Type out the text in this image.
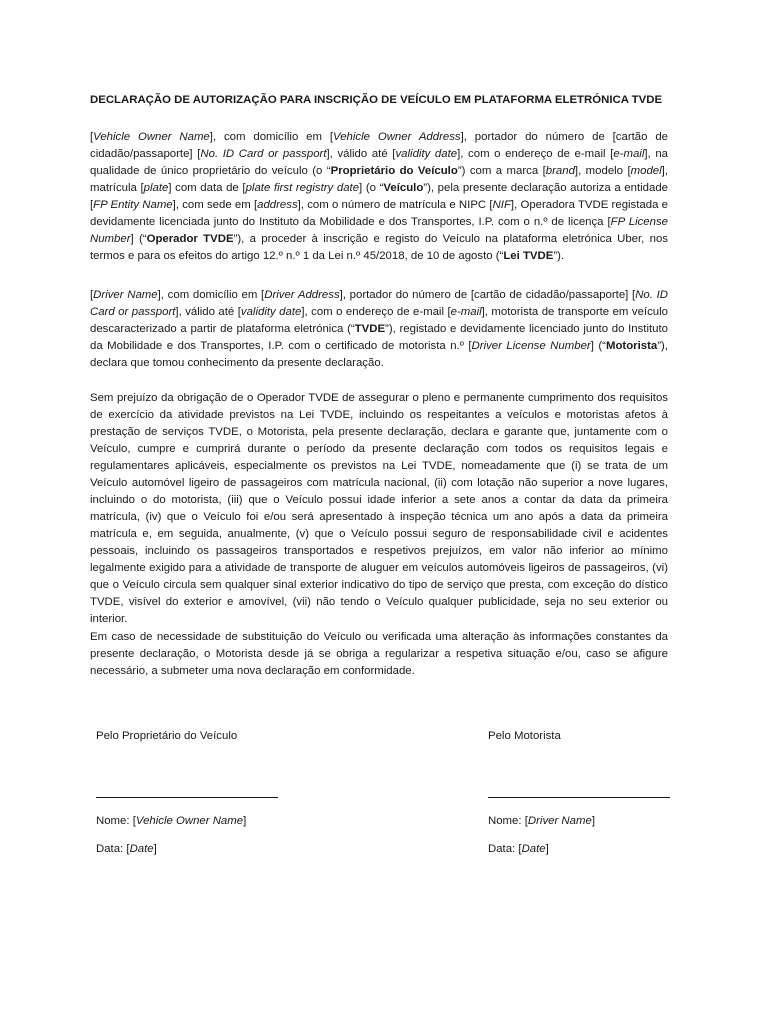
DECLARAÇÃO DE AUTORIZAÇÃO PARA INSCRIÇÃO DE VEÍCULO EM PLATAFORMA ELETRÓNICA TVDE
[Vehicle Owner Name], com domicílio em [Vehicle Owner Address], portador do número de [cartão de cidadão/passaporte] [No. ID Card or passport], válido até [validity date], com o endereço de e-mail [e-mail], na qualidade de único proprietário do veículo (o “Proprietário do Veículo”) com a marca [brand], modelo [model], matrícula [plate] com data de [plate first registry date] (o “Veículo”), pela presente declaração autoriza a entidade [FP Entity Name], com sede em [address], com o número de matrícula e NIPC [NIF], Operadora TVDE registada e devidamente licenciada junto do Instituto da Mobilidade e dos Transportes, I.P. com o n.º de licença [FP License Number] (“Operador TVDE”), a proceder à inscrição e registo do Veículo na plataforma eletrónica Uber, nos termos e para os efeitos do artigo 12.º n.º 1 da Lei n.º 45/2018, de 10 de agosto (“Lei TVDE”).
[Driver Name], com domicílio em [Driver Address], portador do número de [cartão de cidadão/passaporte] [No. ID Card or passport], válido até [validity date], com o endereço de e-mail [e-mail], motorista de transporte em veículo descaracterizado a partir de plataforma eletrónica (“TVDE”), registado e devidamente licenciado junto do Instituto da Mobilidade e dos Transportes, I.P. com o certificado de motorista n.º [Driver License Number] (“Motorista”), declara que tomou conhecimento da presente declaração.
Sem prejuízo da obrigação de o Operador TVDE de assegurar o pleno e permanente cumprimento dos requisitos de exercício da atividade previstos na Lei TVDE, incluindo os respeitantes a veículos e motoristas afetos à prestação de serviços TVDE, o Motorista, pela presente declaração, declara e garante que, juntamente com o Veículo, cumpre e cumprirá durante o período da presente declaração com todos os requisitos legais e regulamentares aplicáveis, especialmente os previstos na Lei TVDE, nomeadamente que (i) se trata de um Veículo automóvel ligeiro de passageiros com matrícula nacional, (ii) com lotação não superior a nove lugares, incluindo o do motorista, (iii) que o Veículo possui idade inferior a sete anos a contar da data da primeira matrícula, (iv) que o Veículo foi e/ou será apresentado à inspeção técnica um ano após a data da primeira matrícula e, em seguida, anualmente, (v) que o Veículo possui seguro de responsabilidade civil e acidentes pessoais, incluindo os passageiros transportados e respetivos prejuízos, em valor não inferior ao mínimo legalmente exigido para a atividade de transporte de aluguer em veículos automóveis ligeiros de passageiros, (vi) que o Veículo circula sem qualquer sinal exterior indicativo do tipo de serviço que presta, com exceção do dístico TVDE, visível do exterior e amovível, (vii) não tendo o Veículo qualquer publicidade, seja no seu exterior ou interior.
Em caso de necessidade de substituição do Veículo ou verificada uma alteração às informações constantes da presente declaração, o Motorista desde já se obriga a regularizar a respetiva situação e/ou, caso se afigure necessário, a submeter uma nova declaração em conformidade.
Pelo Proprietário do Veículo
Nome: [Vehicle Owner Name]
Data: [Date]
Pelo Motorista
Nome: [Driver Name]
Data: [Date]
